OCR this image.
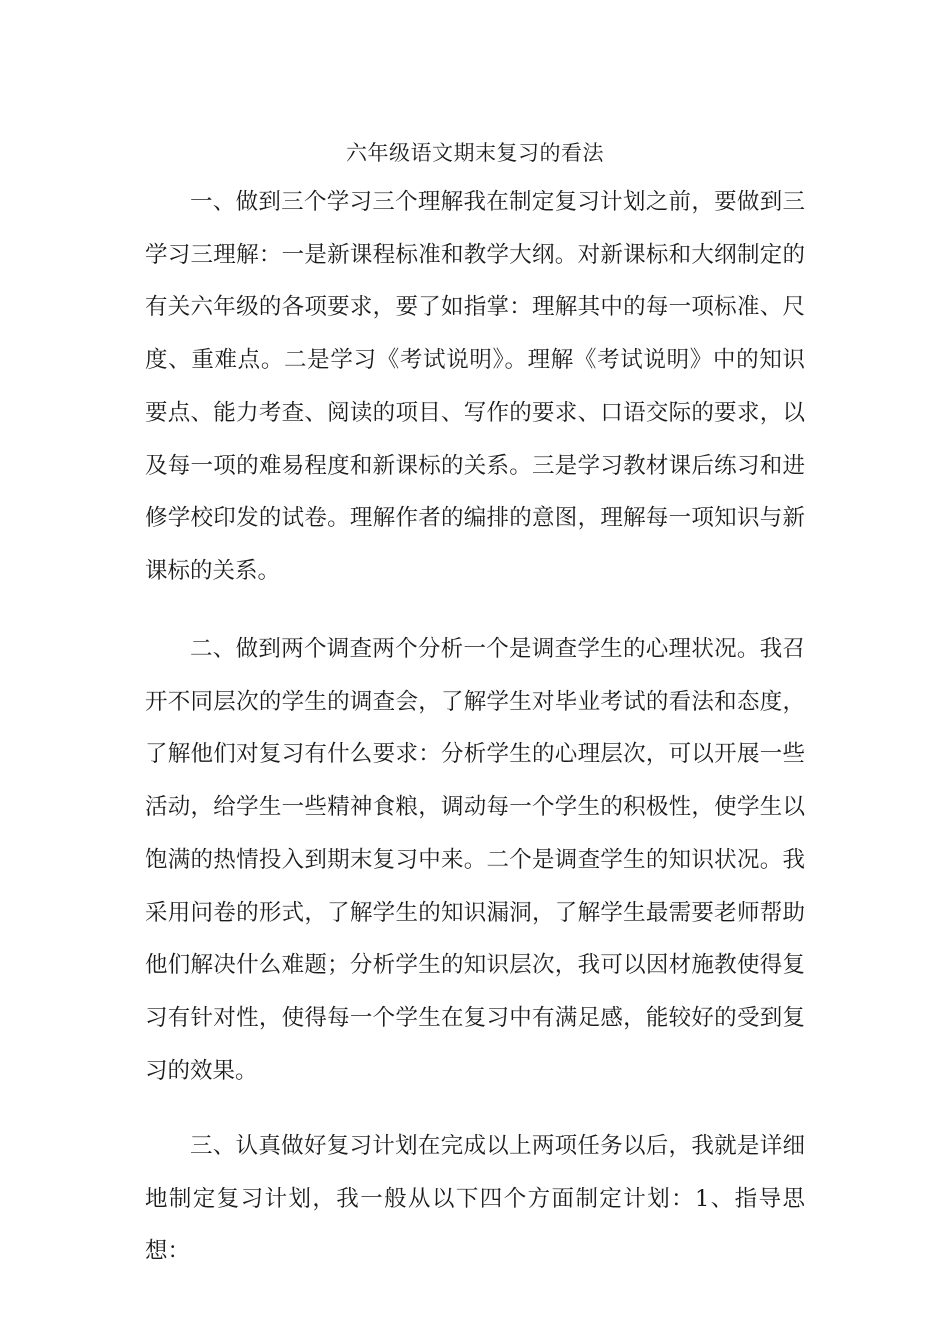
六年级语文期末复习的看法

一、做到三个学习三个理解我在制定复习计划之前，要做到三学习三理解：一是新课程标准和教学大纲。对新课标和大纲制定的有关六年级的各项要求，要了如指掌：理解其中的每一项标准、尺度、重难点。二是学习《考试说明》。理解《考试说明》中的知识要点、能力考查、阅读的项目、写作的要求、口语交际的要求，以及每一项的难易程度和新课标的关系。三是学习教材课后练习和进修学校印发的试卷。理解作者的编排的意图，理解每一项知识与新课标的关系。

二、做到两个调查两个分析一个是调查学生的心理状况。我召开不同层次的学生的调查会，了解学生对毕业考试的看法和态度，了解他们对复习有什么要求：分析学生的心理层次，可以开展一些活动，给学生一些精神食粮，调动每一个学生的积极性，使学生以饱满的热情投入到期末复习中来。二个是调查学生的知识状况。我采用问卷的形式，了解学生的知识漏洞，了解学生最需要老师帮助他们解决什么难题；分析学生的知识层次，我可以因材施教使得复习有针对性，使得每一个学生在复习中有满足感，能较好的受到复习的效果。

三、认真做好复习计划在完成以上两项任务以后，我就是详细地制定复习计划，我一般从以下四个方面制定计划：1、指导思想：
